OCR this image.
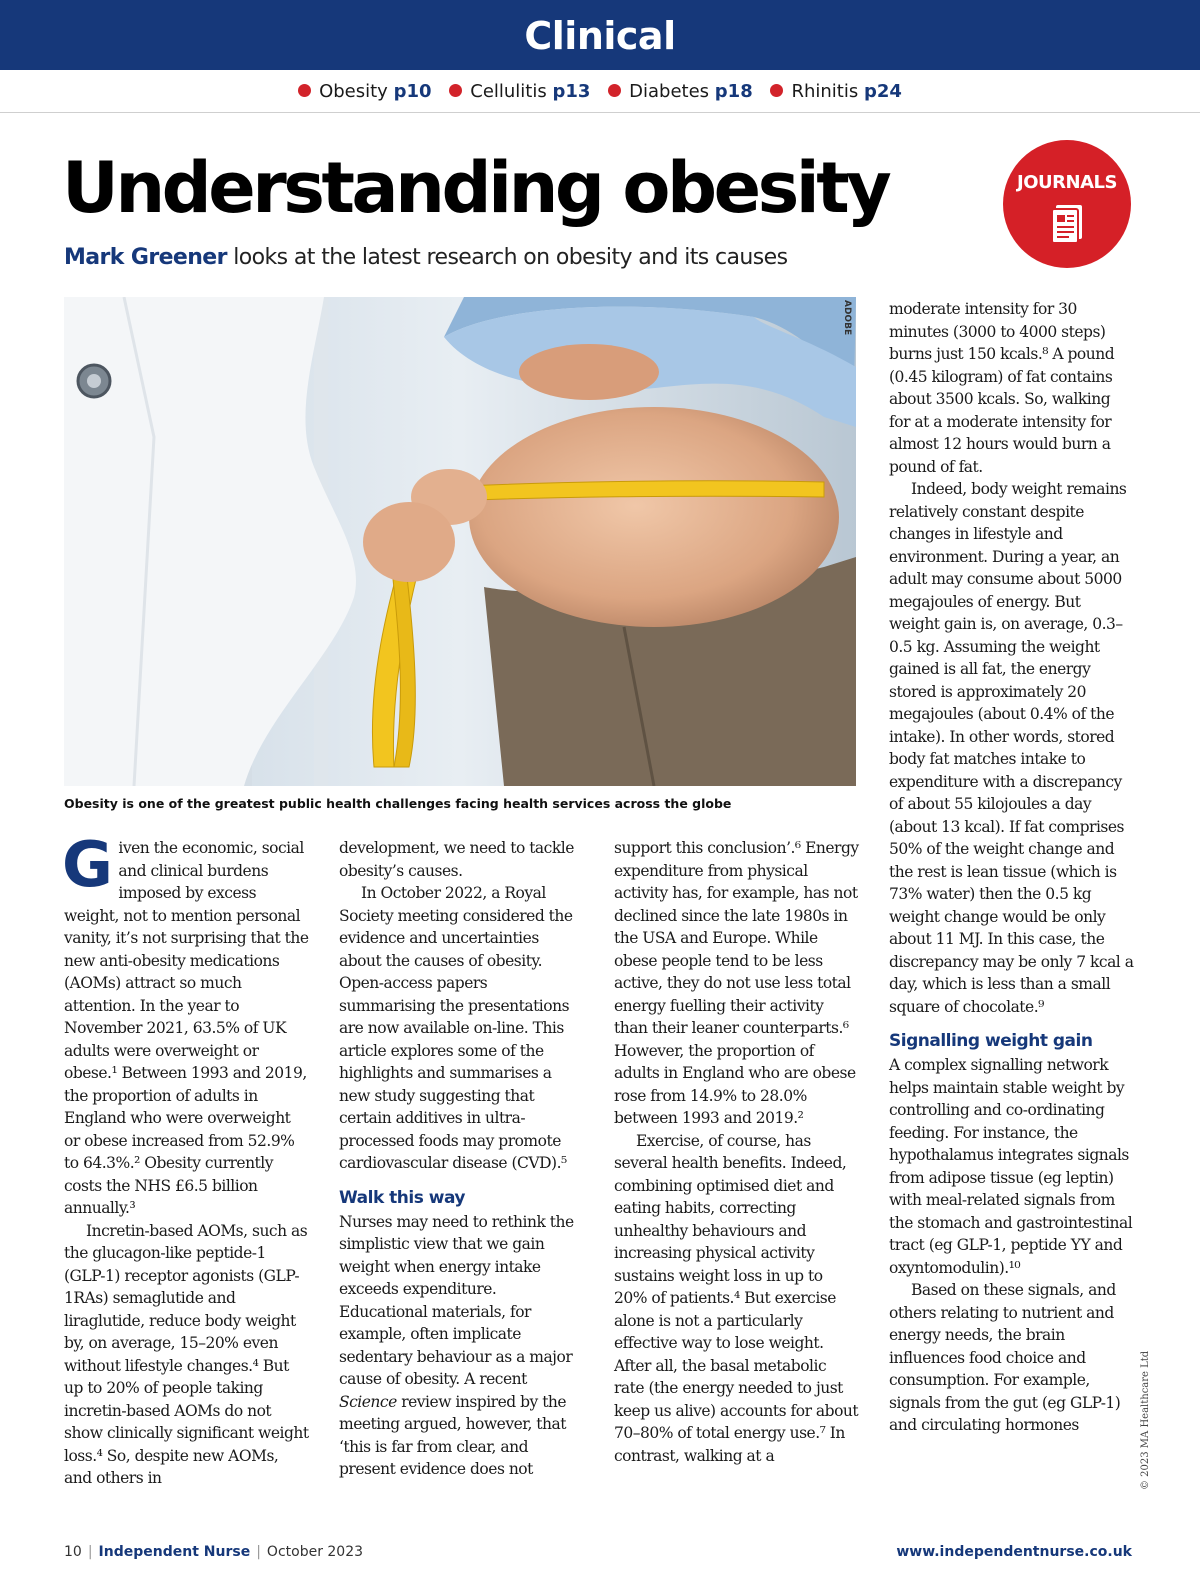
Clinical
Obesity p10 Cellulitis p13 Diabetes p18 Rhinitis p24
Understanding obesity
Mark Greener looks at the latest research on obesity and its causes
JOURNALS
ADOBE
Obesity is one of the greatest public health challenges facing health services across the globe

Given the economic, social and clinical burdens imposed by excess weight, not to mention personal vanity, it’s not surprising that the new anti-obesity medications (AOMs) attract so much attention. In the year to November 2021, 63.5% of UK adults were overweight or obese.¹ Between 1993 and 2019, the proportion of adults in England who were overweight or obese increased from 52.9% to 64.3%.² Obesity currently costs the NHS £6.5 billion annually.³

Incretin-based AOMs, such as the glucagon-like peptide-1 (GLP-1) receptor agonists (GLP-1RAs) semaglutide and liraglutide, reduce body weight by, on average, 15–20% even without lifestyle changes.⁴ But up to 20% of people taking incretin-based AOMs do not show clinically significant weight loss.⁴ So, despite new AOMs, and others in

development, we need to tackle obesity’s causes.

In October 2022, a Royal Society meeting considered the evidence and uncertainties about the causes of obesity. Open-access papers summarising the presentations are now available on-line. This article explores some of the highlights and summarises a new study suggesting that certain additives in ultra-processed foods may promote cardiovascular disease (CVD).⁵

Walk this way

Nurses may need to rethink the simplistic view that we gain weight when energy intake exceeds expenditure. Educational materials, for example, often implicate sedentary behaviour as a major cause of obesity. A recent Science review inspired by the meeting argued, however, that ‘this is far from clear, and present evidence does not

support this conclusion’.⁶ Energy expenditure from physical activity has, for example, has not declined since the late 1980s in the USA and Europe. While obese people tend to be less active, they do not use less total energy fuelling their activity than their leaner counterparts.⁶ However, the proportion of adults in England who are obese rose from 14.9% to 28.0% between 1993 and 2019.²

Exercise, of course, has several health benefits. Indeed, combining optimised diet and eating habits, correcting unhealthy behaviours and increasing physical activity sustains weight loss in up to 20% of patients.⁴ But exercise alone is not a particularly effective way to lose weight. After all, the basal metabolic rate (the energy needed to just keep us alive) accounts for about 70–80% of total energy use.⁷ In contrast, walking at a

moderate intensity for 30 minutes (3000 to 4000 steps) burns just 150 kcals.⁸ A pound (0.45 kilogram) of fat contains about 3500 kcals. So, walking for at a moderate intensity for almost 12 hours would burn a pound of fat.

Indeed, body weight remains relatively constant despite changes in lifestyle and environment. During a year, an adult may consume about 5000 megajoules of energy. But weight gain is, on average, 0.3–0.5 kg. Assuming the weight gained is all fat, the energy stored is approximately 20 megajoules (about 0.4% of the intake). In other words, stored body fat matches intake to expenditure with a discrepancy of about 55 kilojoules a day (about 13 kcal). If fat comprises 50% of the weight change and the rest is lean tissue (which is 73% water) then the 0.5 kg weight change would be only about 11 MJ. In this case, the discrepancy may be only 7 kcal a day, which is less than a small square of chocolate.⁹

Signalling weight gain

A complex signalling network helps maintain stable weight by controlling and co-ordinating feeding. For instance, the hypothalamus integrates signals from adipose tissue (eg leptin) with meal-related signals from the stomach and gastrointestinal tract (eg GLP-1, peptide YY and oxyntomodulin).¹⁰

Based on these signals, and others relating to nutrient and energy needs, the brain influences food choice and consumption. For example, signals from the gut (eg GLP-1) and circulating hormones	© 2023 MA Healthcare Ltd
10 | Independent Nurse | October 2023	www.independentnurse.co.uk
